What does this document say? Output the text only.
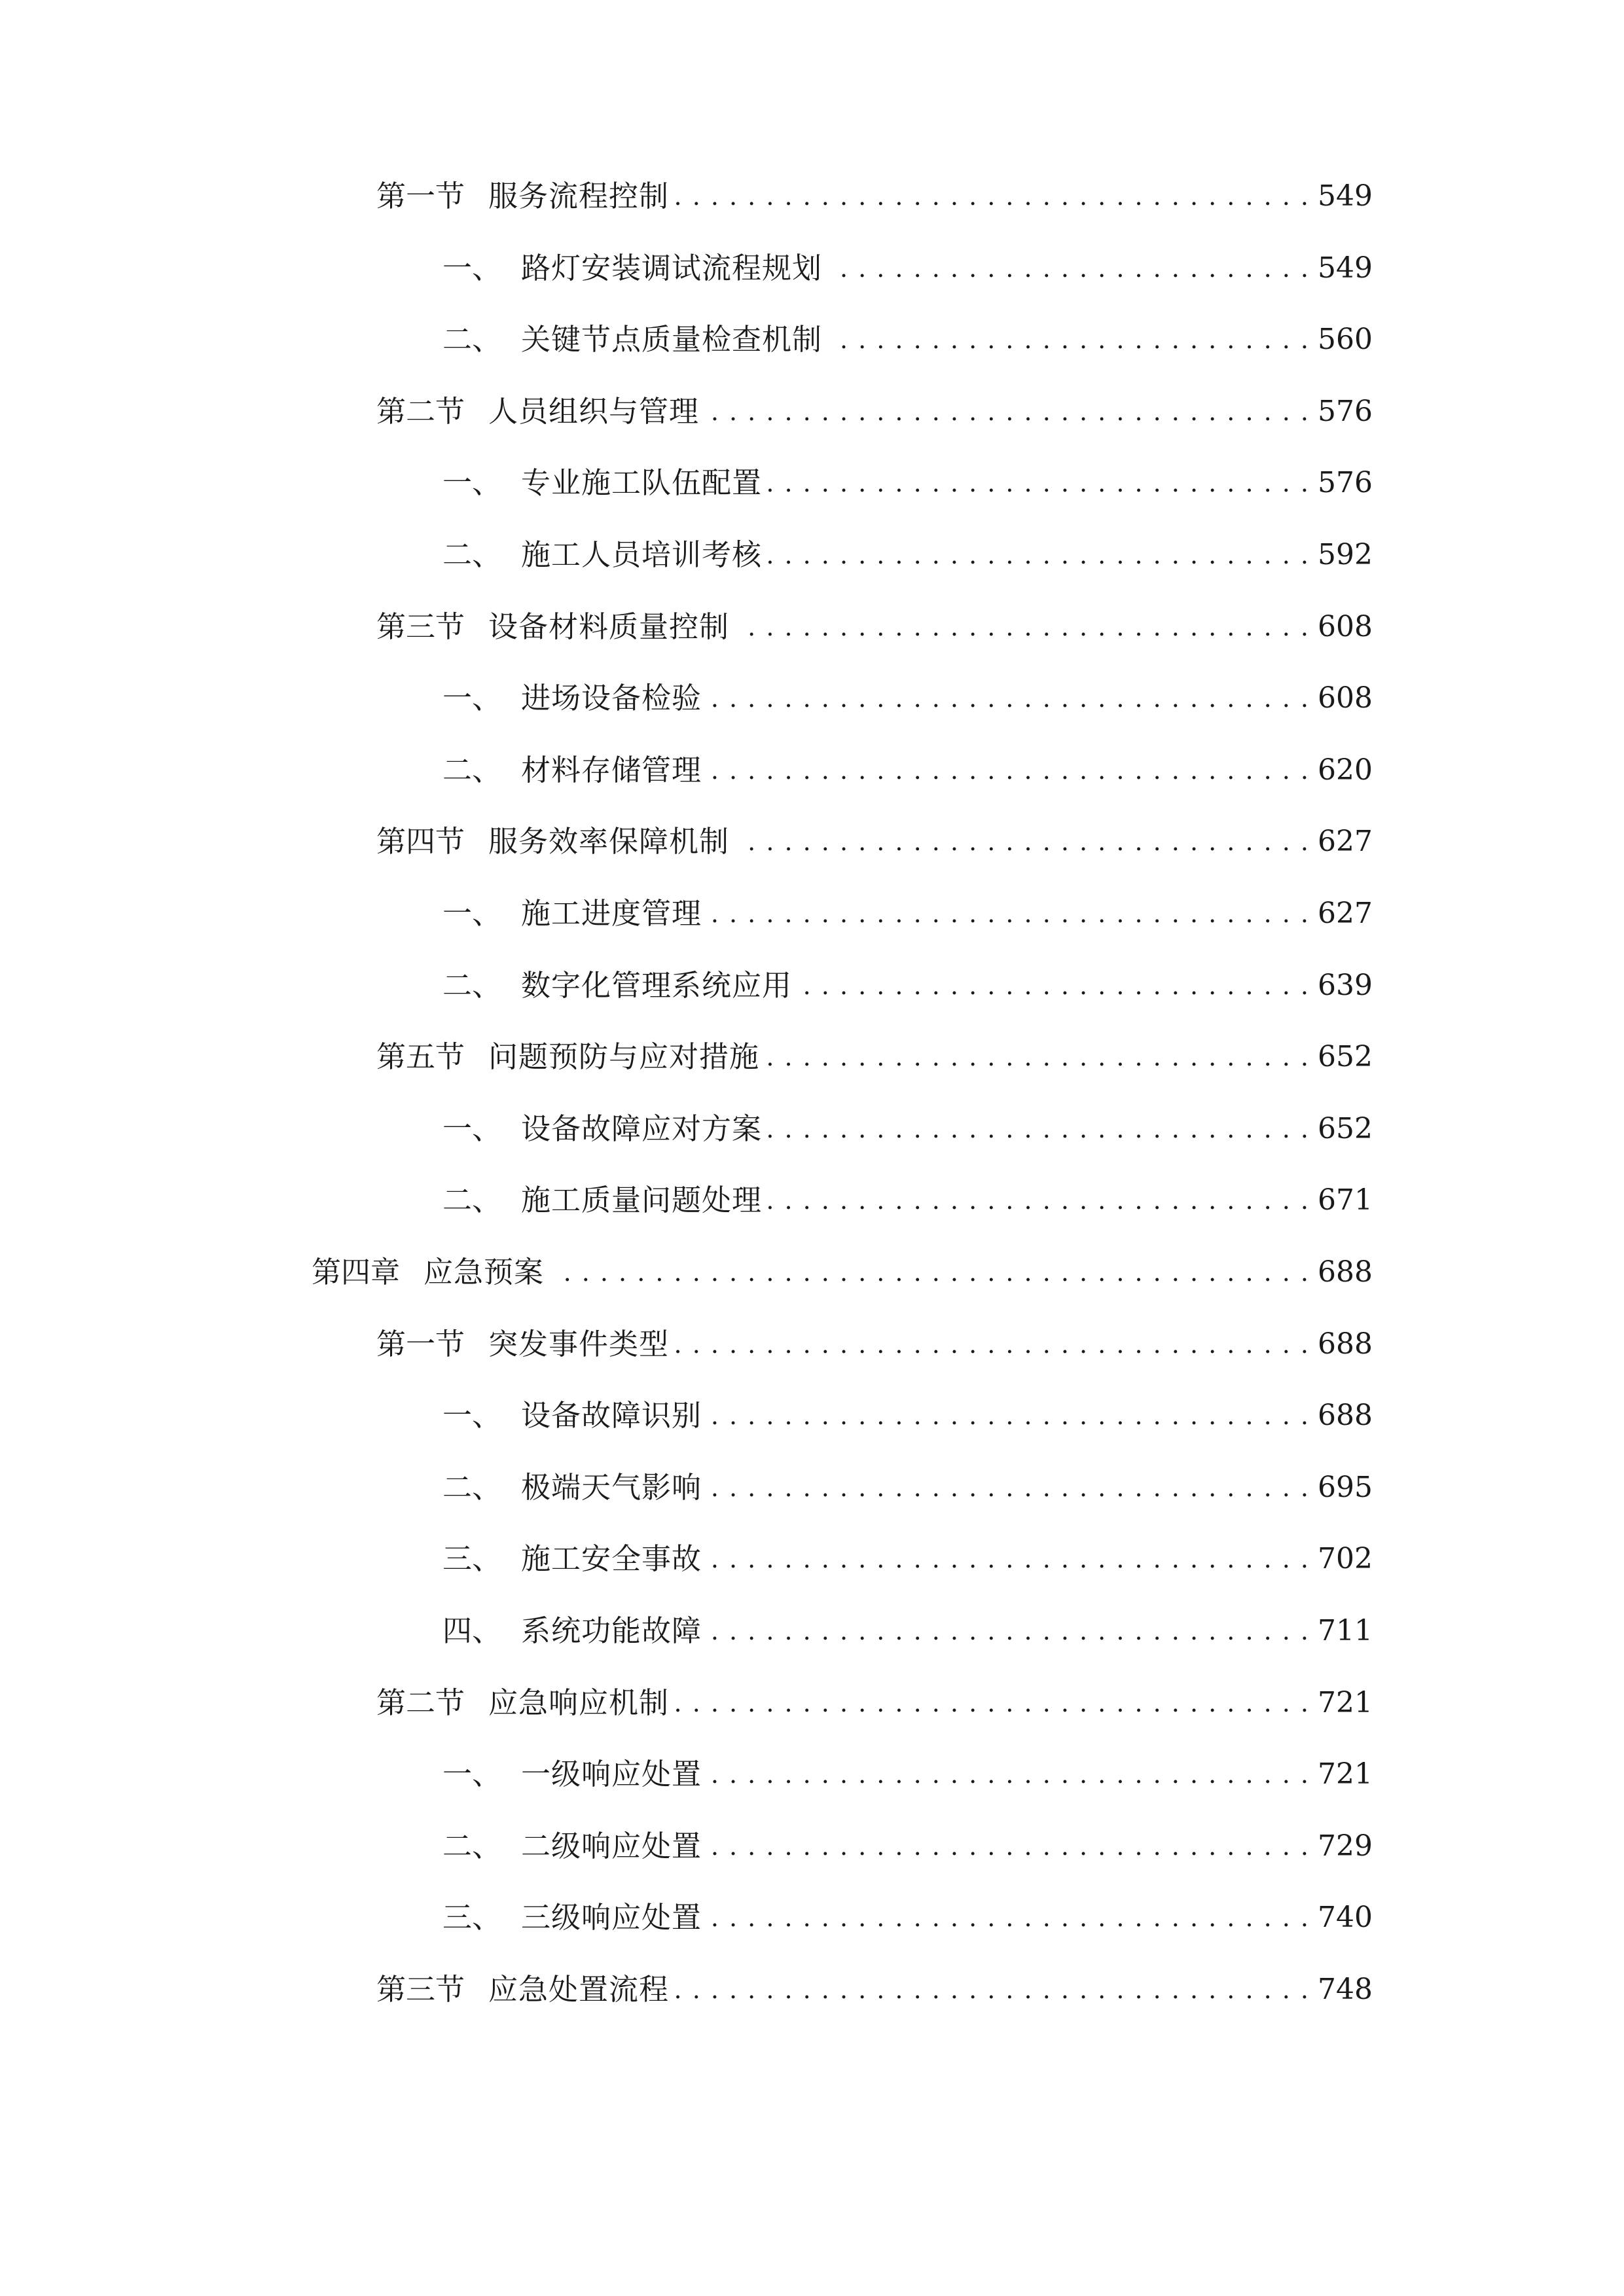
第一节 服务流程控制 . . .	549
一、 路灯安装调试流程规划 . . .	549
二、 关键节点质量检查机制 . . .	560
第二节 人员组织与管理 . . .	576
一、 专业施工队伍配置 . . .	576
二、 施工人员培训考核 . . .	592
第三节 设备材料质量控制 . . .	608
一、 进场设备检验 . . .	608
二、 材料存储管理 . . .	620
第四节 服务效率保障机制 . . .	627
一、 施工进度管理 . . .	627
二、 数字化管理系统应用 . . .	639
第五节 问题预防与应对措施 . . .	652
一、 设备故障应对方案 . . .	652
二、 施工质量问题处理 . . .	671
第四章 应急预案 . . .	688
第一节 突发事件类型 . . .	688
一、 设备故障识别 . . .	688
二、 极端天气影响 . . .	695
三、 施工安全事故 . . .	702
四、 系统功能故障 . . .	711
第二节 应急响应机制 . . .	721
一、 一级响应处置 . . .	721
二、 二级响应处置 . . .	729
三、 三级响应处置 . . .	740
第三节 应急处置流程 . . .	748
